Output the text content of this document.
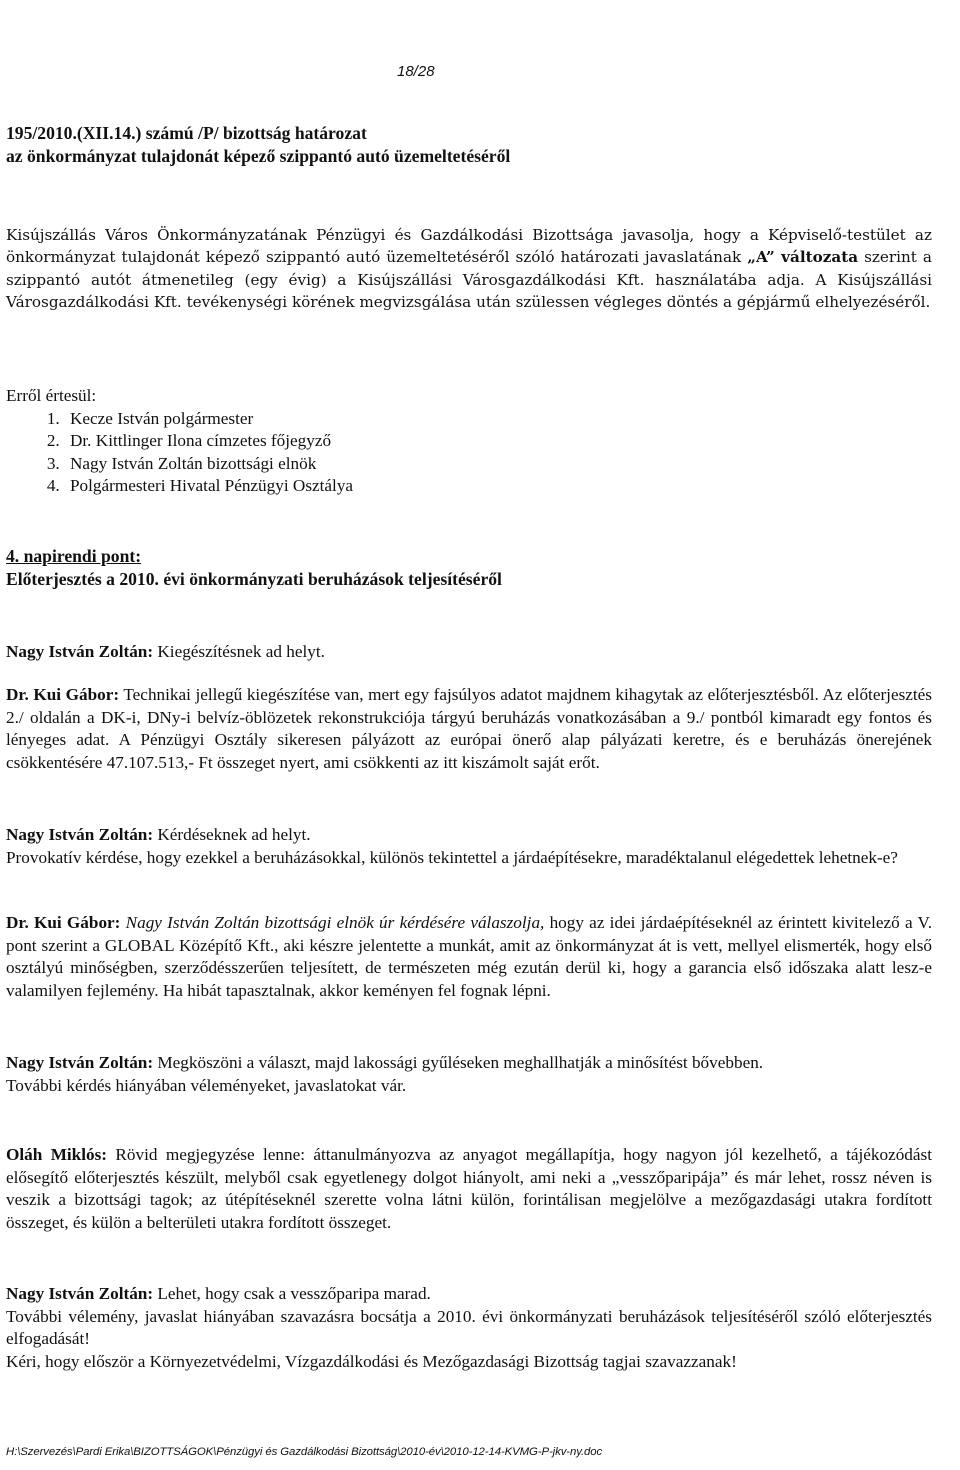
18/28

195/2010.(XII.14.) számú /P/ bizottság határozat

az önkormányzat tulajdonát képező szippantó autó üzemeltetéséről

Kisújszállás Város Önkormányzatának Pénzügyi és Gazdálkodási Bizottsága javasolja, hogy a Képviselő-testület az önkormányzat tulajdonát képező szippantó autó üzemeltetéséről szóló határozati javaslatának „A” változata szerint a szippantó autót átmenetileg (egy évig) a Kisújszállási Városgazdálkodási Kft. használatába adja. A Kisújszállási Városgazdálkodási Kft. tevékenységi körének megvizsgálása után szülessen végleges döntés a gépjármű elhelyezéséről.

Erről értesül:

1. Kecze István polgármester
2. Dr. Kittlinger Ilona címzetes főjegyző
3. Nagy István Zoltán bizottsági elnök
4. Polgármesteri Hivatal Pénzügyi Osztálya

4. napirendi pont:

Előterjesztés a 2010. évi önkormányzati beruházások teljesítéséről

Nagy István Zoltán: Kiegészítésnek ad helyt.
Dr. Kui Gábor: Technikai jellegű kiegészítése van, mert egy fajsúlyos adatot majdnem kihagytak az előterjesztésből. Az előterjesztés 2./ oldalán a DK-i, DNy-i belvíz-öblözetek rekonstrukciója tárgyú beruházás vonatkozásában a 9./ pontból kimaradt egy fontos és lényeges adat. A Pénzügyi Osztály sikeresen pályázott az európai önerő alap pályázati keretre, és e beruházás önerejének csökkentésére 47.107.513,- Ft összeget nyert, ami csökkenti az itt kiszámolt saját erőt.

Nagy István Zoltán: Kérdéseknek ad helyt.

Provokatív kérdése, hogy ezekkel a beruházásokkal, különös tekintettel a járdaépítésekre, maradéktalanul elégedettek lehetnek-e?

Dr. Kui Gábor: Nagy István Zoltán bizottsági elnök úr kérdésére válaszolja, hogy az idei járdaépítéseknél az érintett kivitelező a V. pont szerint a GLOBAL Középítő Kft., aki készre jelentette a munkát, amit az önkormányzat át is vett, mellyel elismerték, hogy első osztályú minőségben, szerződésszerűen teljesített, de természeten még ezután derül ki, hogy a garancia első időszaka alatt lesz-e valamilyen fejlemény. Ha hibát tapasztalnak, akkor keményen fel fognak lépni.

Nagy István Zoltán: Megköszöni a választ, majd lakossági gyűléseken meghallhatják a minősítést bővebben.

További kérdés hiányában véleményeket, javaslatokat vár.

Oláh Miklós: Rövid megjegyzése lenne: áttanulmányozva az anyagot megállapítja, hogy nagyon jól kezelhető, a tájékozódást elősegítő előterjesztés készült, melyből csak egyetlenegy dolgot hiányolt, ami neki a „vesszőparipája” és már lehet, rossz néven is veszik a bizottsági tagok; az útépítéseknél szerette volna látni külön, forintálisan megjelölve a mezőgazdasági utakra fordított összeget, és külön a belterületi utakra fordított összeget.

Nagy István Zoltán: Lehet, hogy csak a vesszőparipa marad.

További vélemény, javaslat hiányában szavazásra bocsátja a 2010. évi önkormányzati beruházások teljesítéséről szóló előterjesztés elfogadását!

Kéri, hogy először a Környezetvédelmi, Vízgazdálkodási és Mezőgazdasági Bizottság tagjai szavazzanak!

H:\Szervezés\Pardi Erika\BIZOTTSÁGOK\Pénzügyi és Gazdálkodási Bizottság\2010-év\2010-12-14-KVMG-P-jkv-ny.doc
